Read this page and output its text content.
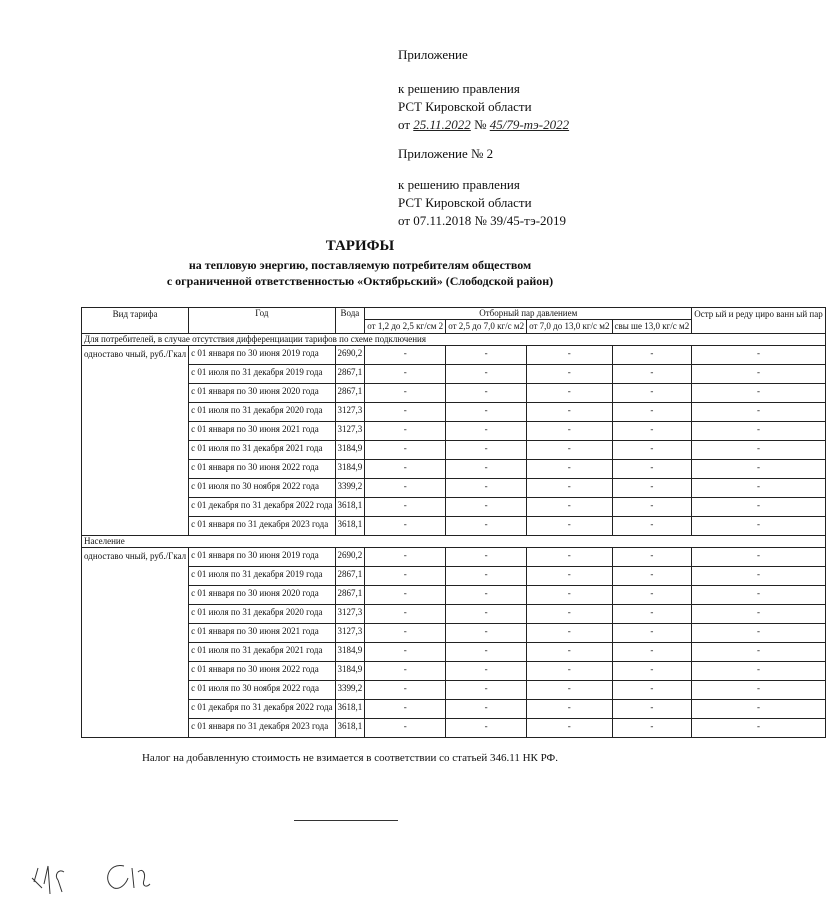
Приложение
к решению правления
РСТ Кировской области
от 25.11.2022 № 45/79-тэ-2022
Приложение № 2
к решению правления
РСТ Кировской области
от 07.11.2018 № 39/45-тэ-2019
ТАРИФЫ
на тепловую энергию, поставляемую потребителям обществом
с ограниченной ответственностью «Октябрьский» (Слободской район)
Вид тарифа	Год	Вода	Отборный пар давлением				Остр ый и реду циро ванн ый пар
			от 1,2 до 2,5 кг/см 2	от 2,5 до 7,0 кг/с м2	от 7,0 до 13,0 кг/с м2	свы ше 13,0 кг/с м2	
Для потребителей, в случае отсутствия дифференциации тарифов по схеме подключения							
одноставо чный, руб./Гкал	с 01 января по 30 июня 2019 года	2690,2	-	-	-	-	-
	с 01 июля по 31 декабря 2019 года	2867,1	-	-	-	-	-
	с 01 января по 30 июня 2020 года	2867,1	-	-	-	-	-
	с 01 июля по 31 декабря 2020 года	3127,3	-	-	-	-	-
	с 01 января по 30 июня 2021 года	3127,3	-	-	-	-	-
	с 01 июля по 31 декабря 2021 года	3184,9	-	-	-	-	-
	с 01 января по 30 июня 2022 года	3184,9	-	-	-	-	-
	с 01 июля по 30 ноября 2022 года	3399,2	-	-	-	-	-
	с 01 декабря по 31 декабря 2022 года	3618,1	-	-	-	-	-
	с 01 января по 31 декабря 2023 года	3618,1	-	-	-	-	-
Население							
одноставо чный, руб./Гкал	с 01 января по 30 июня 2019 года	2690,2	-	-	-	-	-
	с 01 июля по 31 декабря 2019 года	2867,1	-	-	-	-	-
	с 01 января по 30 июня 2020 года	2867,1	-	-	-	-	-
	с 01 июля по 31 декабря 2020 года	3127,3	-	-	-	-	-
	с 01 января по 30 июня 2021 года	3127,3	-	-	-	-	-
	с 01 июля по 31 декабря 2021 года	3184,9	-	-	-	-	-
	с 01 января по 30 июня 2022 года	3184,9	-	-	-	-	-
	с 01 июля по 30 ноября 2022 года	3399,2	-	-	-	-	-
	с 01 декабря по 31 декабря 2022 года	3618,1	-	-	-	-	-
	с 01 января по 31 декабря 2023 года	3618,1	-	-	-	-	-
Налог на добавленную стоимость не взимается в соответствии со статьей 346.11 НК РФ.
